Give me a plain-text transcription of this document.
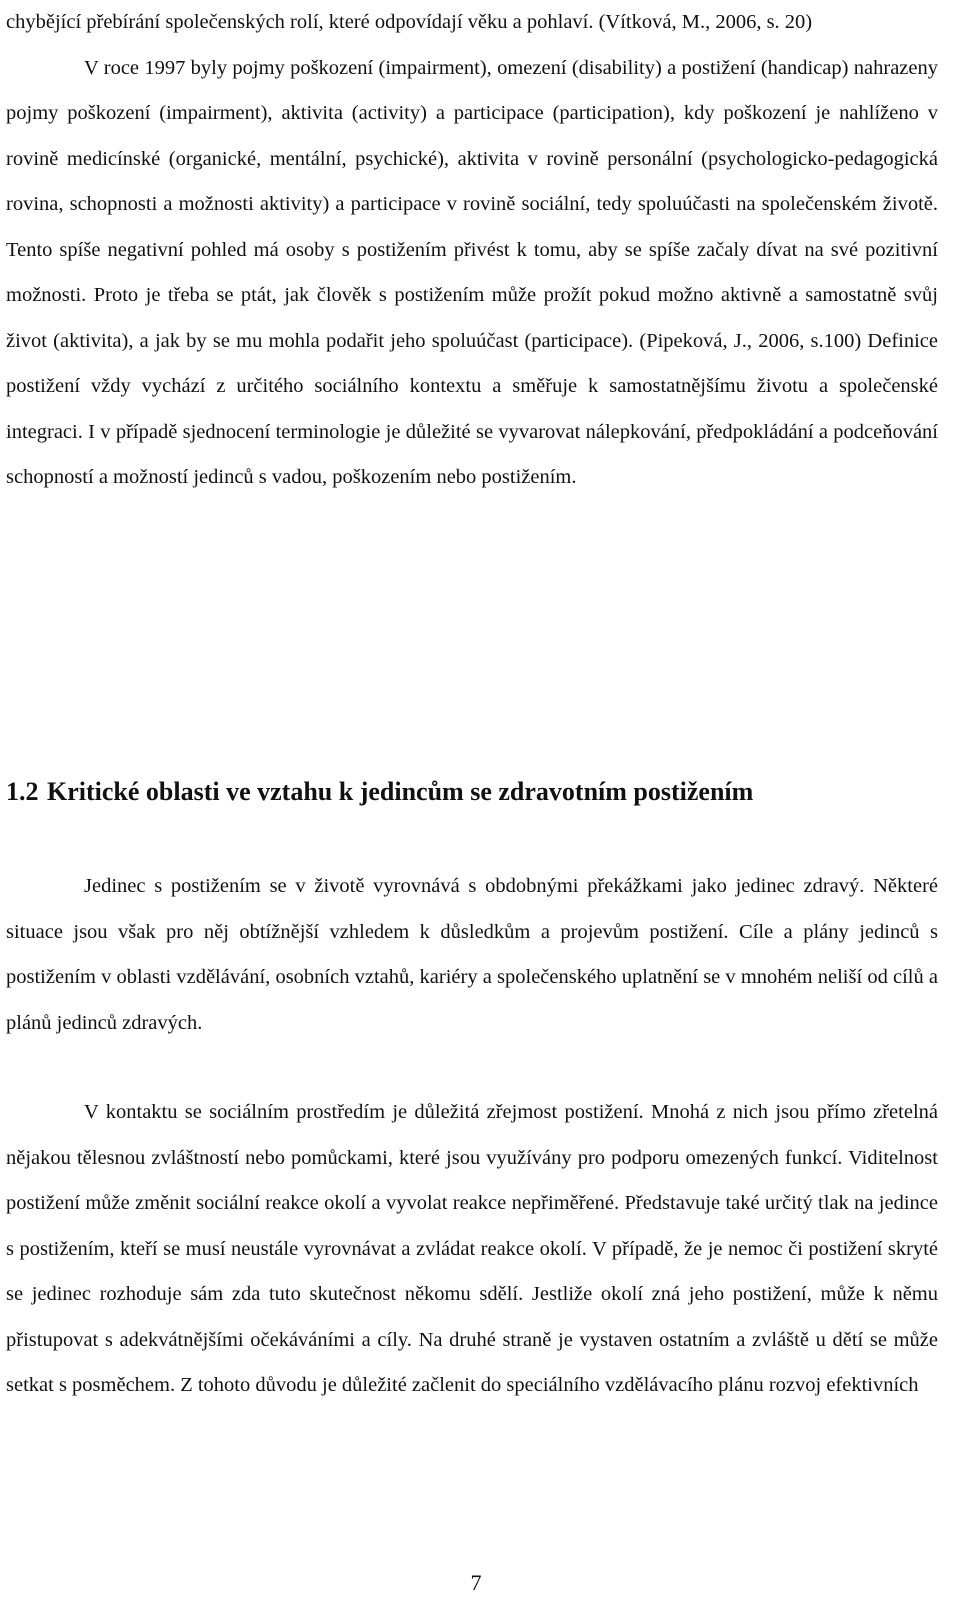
chybějící přebírání společenských rolí, které odpovídají věku a pohlaví. (Vítková, M., 2006, s. 20)

V roce 1997 byly pojmy poškození (impairment), omezení (disability) a postižení (handicap) nahrazeny pojmy poškození (impairment), aktivita (activity) a participace (participation), kdy poškození je nahlíženo v rovině medicínské (organické, mentální, psychické), aktivita v rovině personální (psychologicko-pedagogická rovina, schopnosti a možnosti aktivity) a participace v rovině sociální, tedy spoluúčasti na společenském životě. Tento spíše negativní pohled má osoby s postižením přivést k tomu, aby se spíše začaly dívat na své pozitivní možnosti. Proto je třeba se ptát, jak člověk s postižením může prožít pokud možno aktivně a samostatně svůj život (aktivita), a jak by se mu mohla podařit jeho spoluúčast (participace). (Pipeková, J., 2006, s.100) Definice postižení vždy vychází z určitého sociálního kontextu a směřuje k samostatnějšímu životu a společenské integraci. I v případě sjednocení terminologie je důležité se vyvarovat nálepkování, předpokládání a podceňování schopností a možností jedinců s vadou, poškozením nebo postižením.

1.2 Kritické oblasti ve vztahu k jedincům se zdravotním postižením

Jedinec s postižením se v životě vyrovnává s obdobnými překážkami jako jedinec zdravý. Některé situace jsou však pro něj obtížnější vzhledem k důsledkům a projevům postižení. Cíle a plány jedinců s postižením v oblasti vzdělávání, osobních vztahů, kariéry a společenského uplatnění se v mnohém neliší od cílů a plánů jedinců zdravých.

V kontaktu se sociálním prostředím je důležitá zřejmost postižení. Mnohá z nich jsou přímo zřetelná nějakou tělesnou zvláštností nebo pomůckami, které jsou využívány pro podporu omezených funkcí. Viditelnost postižení může změnit sociální reakce okolí a vyvolat reakce nepřiměřené. Představuje také určitý tlak na jedince s postižením, kteří se musí neustále vyrovnávat a zvládat reakce okolí. V případě, že je nemoc či postižení skryté se jedinec rozhoduje sám zda tuto skutečnost někomu sdělí. Jestliže okolí zná jeho postižení, může k němu přistupovat s adekvátnějšími očekáváními a cíly. Na druhé straně je vystaven ostatním a zvláště u dětí se může setkat s posměchem. Z tohoto důvodu je důležité začlenit do speciálního vzdělávacího plánu rozvoj efektivních

7
